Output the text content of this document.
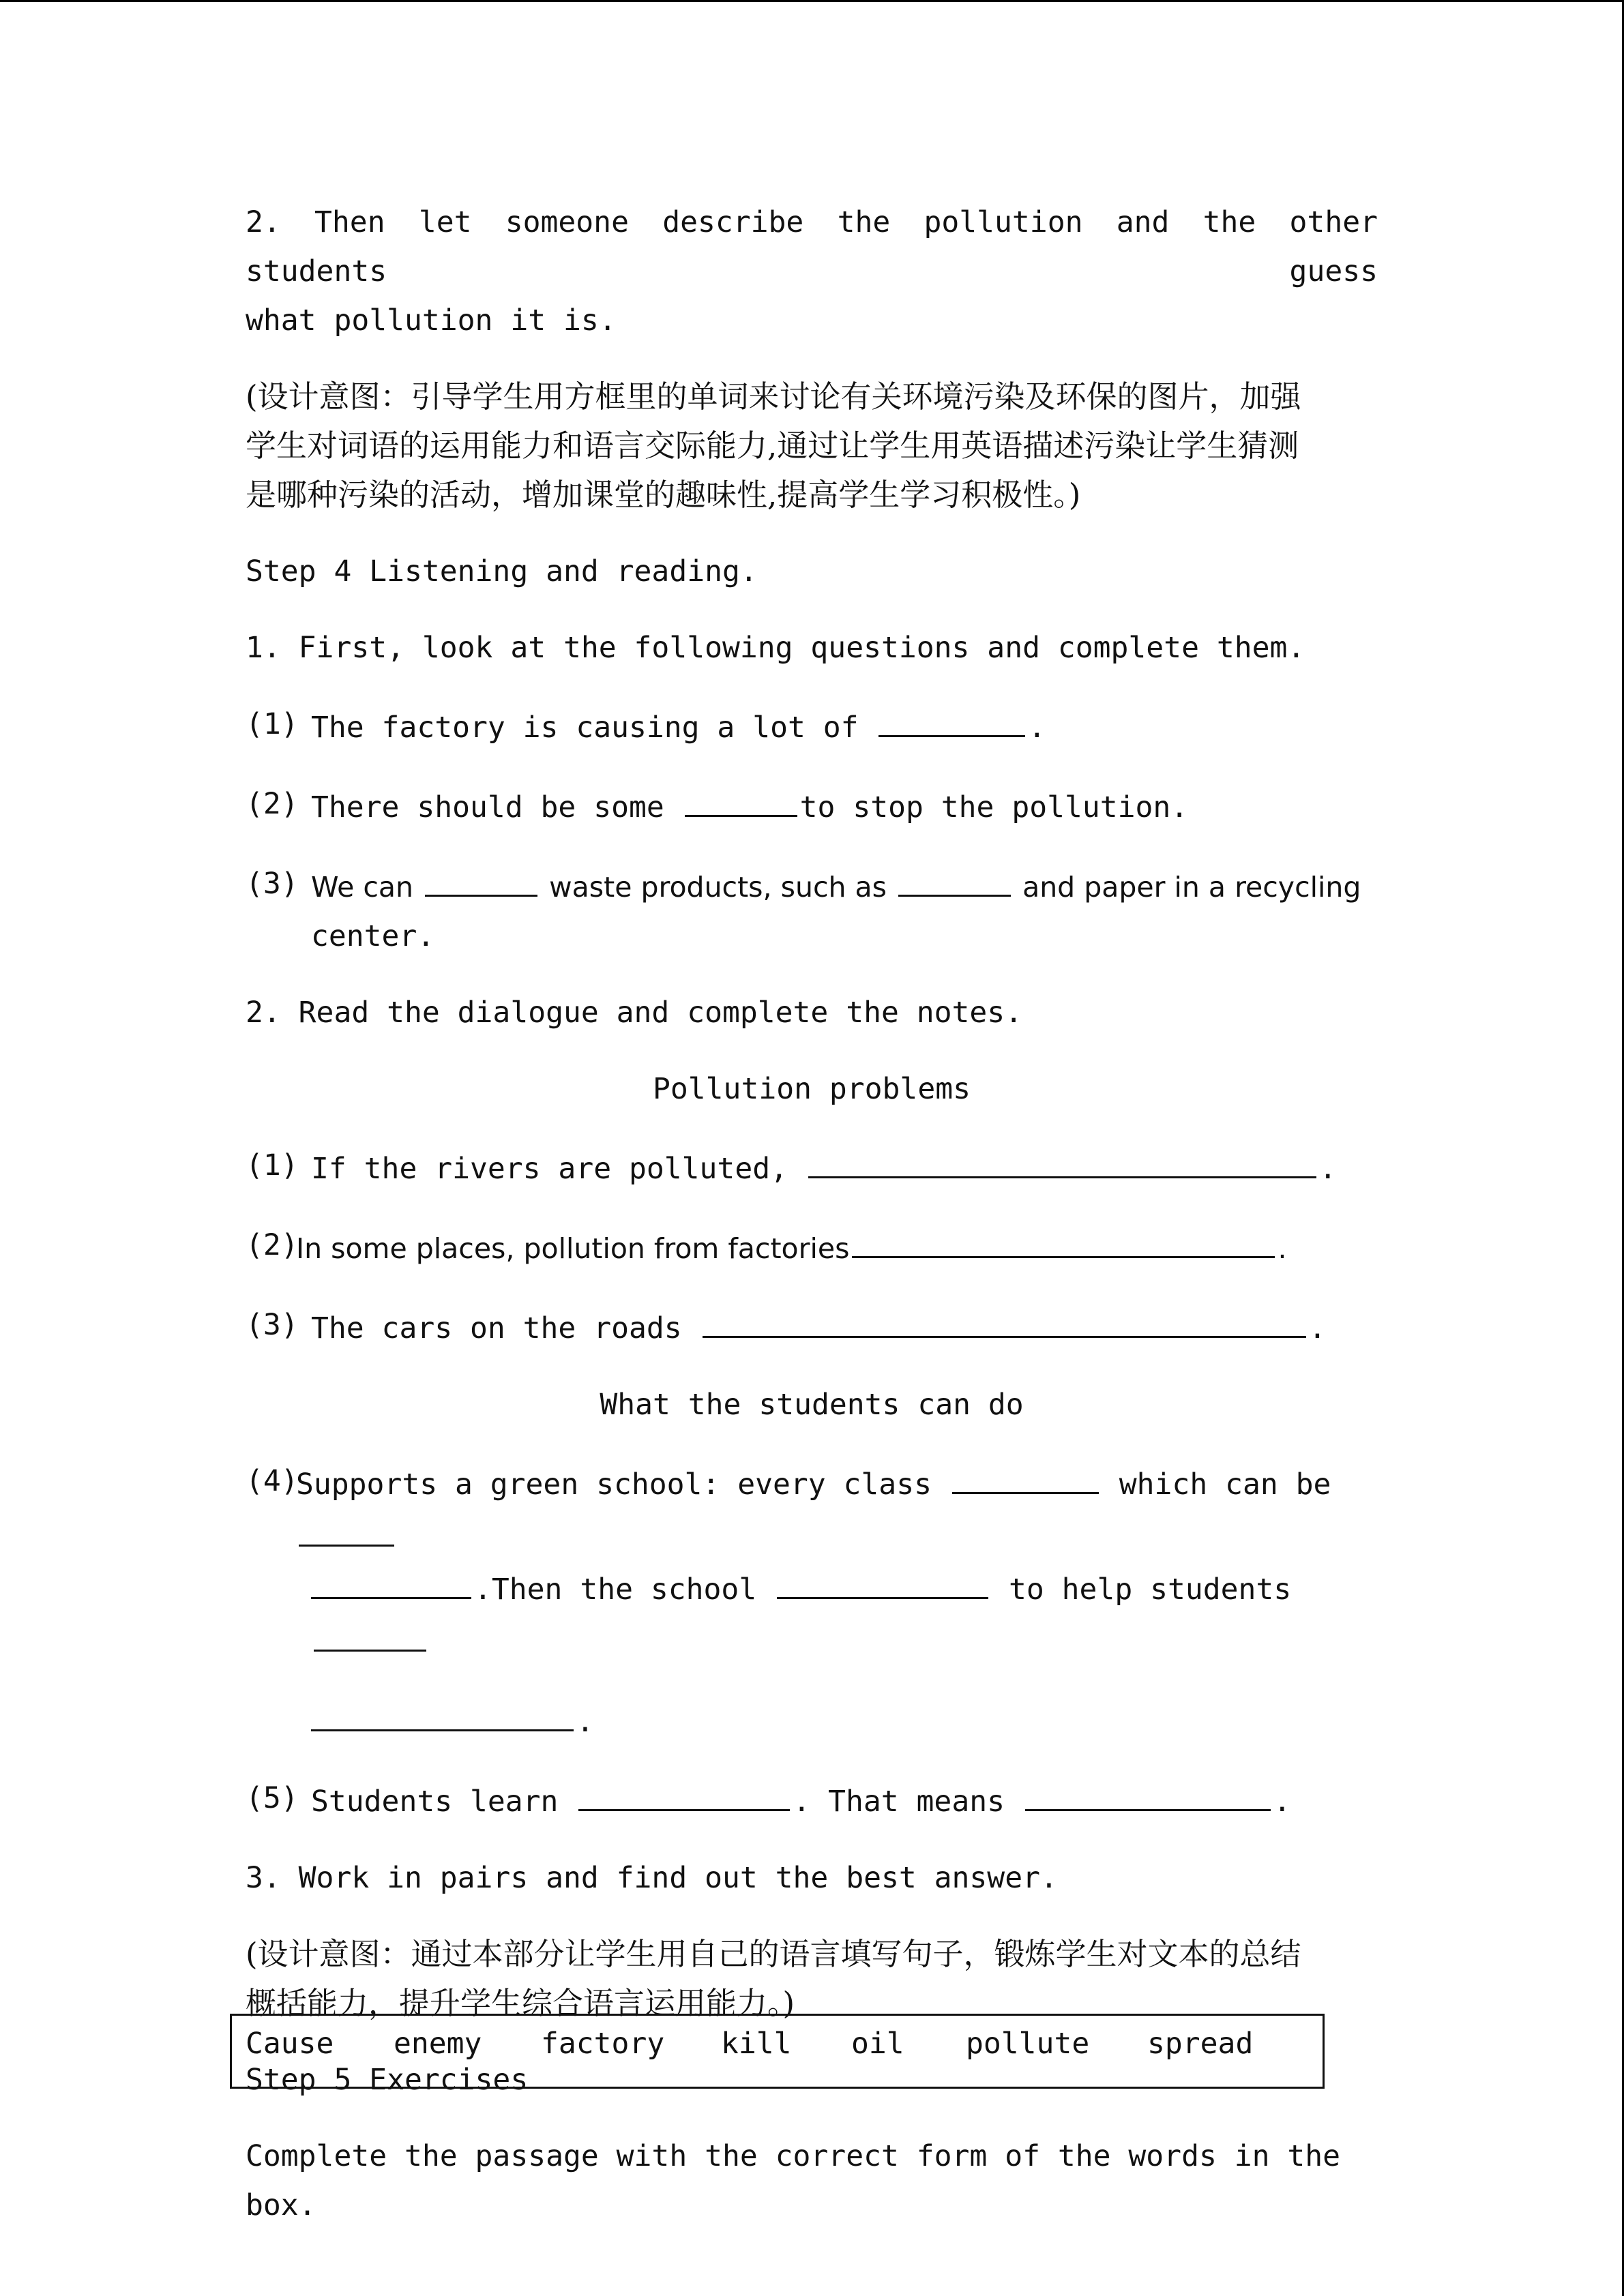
2. Then let someone describe the pollution and the other students guess
what pollution it is.
(设计意图：引导学生用方框里的单词来讨论有关环境污染及环保的图片，加强
学生对词语的运用能力和语言交际能力,通过让学生用英语描述污染让学生猜测
是哪种污染的活动，增加课堂的趣味性,提高学生学习积极性。)
Step 4 Listening and reading.
1. First, look at the following questions and complete them.
(1) The factory is causing a lot of	.
(2) There should be some	to stop the pollution.
(3) We can	waste products, such as	and paper in a recycling
center.
2. Read the dialogue and complete the notes.
Pollution problems
(1) If the rivers are polluted,	.
(2)
In some places, pollution from factories	.
(3) The cars on the roads	.
What the students can do
(4)
Supports a green school: every class	which can be
.Then the school	to help students
.
(5) Students learn	. That means	.
3. Work in pairs and find out the best answer.
(设计意图：通过本部分让学生用自己的语言填写句子，锻炼学生对文本的总结
概括能力，提升学生综合语言运用能力。)
Step 5 Exercises
Complete the passage with the correct form of the words in the box.
Cause enemy factory kill oil pollute spread
